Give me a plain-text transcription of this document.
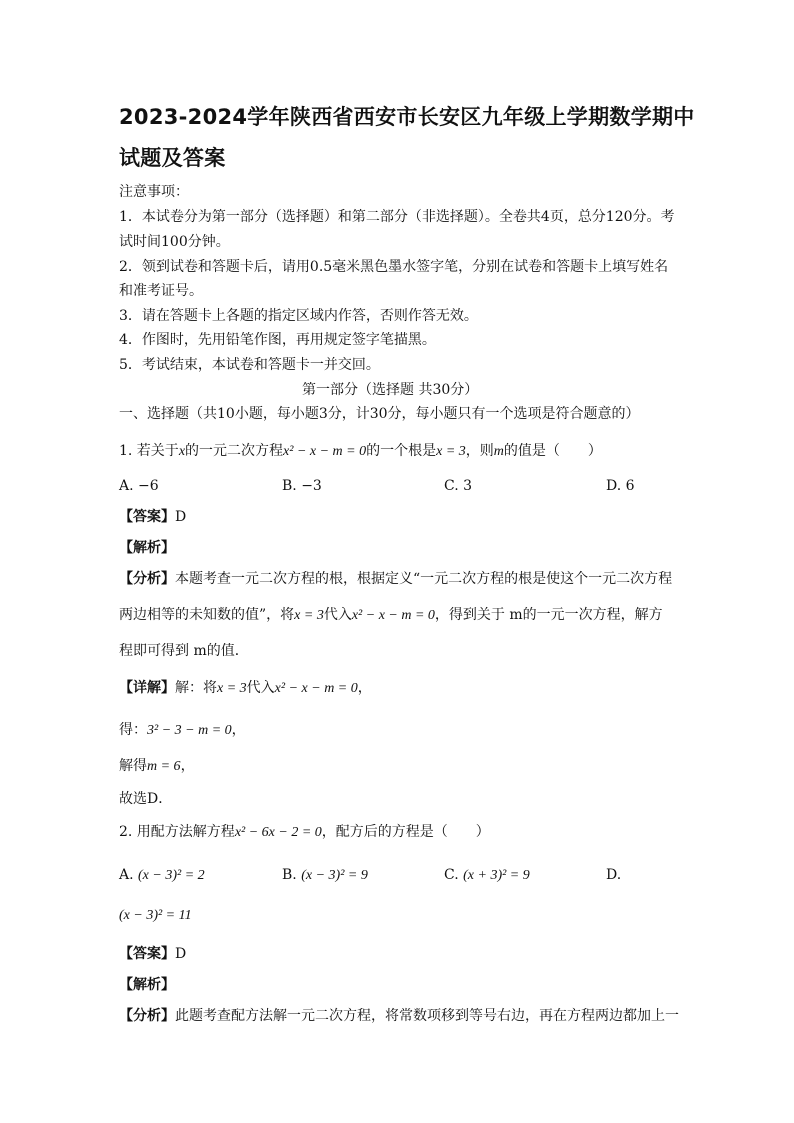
2023-2024学年陕西省西安市长安区九年级上学期数学期中
试题及答案
注意事项：
1．本试卷分为第一部分（选择题）和第二部分（非选择题）。全卷共4页，总分120分。考
试时间100分钟。
2．领到试卷和答题卡后，请用0.5毫米黑色墨水签字笔，分别在试卷和答题卡上填写姓名
和准考证号。
3．请在答题卡上各题的指定区域内作答，否则作答无效。
4．作图时，先用铅笔作图，再用规定签字笔描黑。
5．考试结束，本试卷和答题卡一并交回。
第一部分（选择题 共30分）
一、选择题（共10小题，每小题3分，计30分，每小题只有一个选项是符合题意的）
1. 若关于x的一元二次方程x² − x − m = 0的一个根是x = 3，则m的值是（　　）
A. −6	B. −3	C. 3	D. 6
【答案】D
【解析】
【分析】本题考查一元二次方程的根，根据定义“一元二次方程的根是使这个一元二次方程
两边相等的未知数的值”，将x = 3代入x² − x − m = 0，得到关于 m的一元一次方程，解方
程即可得到 m的值．
【详解】解：将x = 3代入x² − x − m = 0，
得：3² − 3 − m = 0，
解得m = 6，
故选D．
2. 用配方法解方程x² − 6x − 2 = 0，配方后的方程是（　　）
A. (x − 3)² = 2	B. (x − 3)² = 9	C. (x + 3)² = 9	D.
(x − 3)² = 11
【答案】D
【解析】
【分析】此题考查配方法解一元二次方程，将常数项移到等号右边，再在方程两边都加上一
